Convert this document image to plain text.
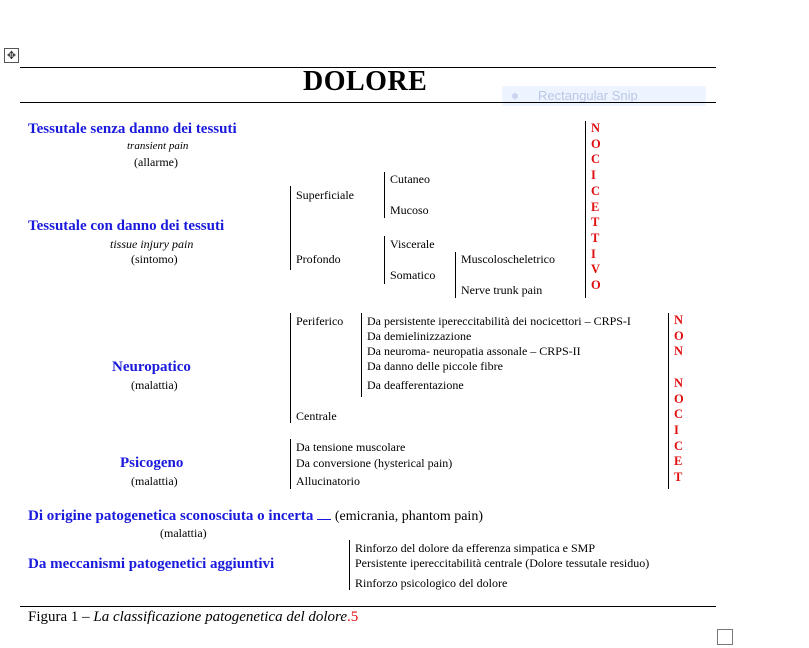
✥
Rectangular Snip
DOLORE
Tessutale senza danno dei tessuti
transient pain
(allarme)
Tessutale con danno dei tessuti
tissue injury pain
(sintomo)
Superficiale
Profondo
Cutaneo
Mucoso
Viscerale
Somatico
Muscoloscheletrico
Nerve trunk pain
N
O
C
I
C
E
T
T
I
V
O
Neuropatico
(malattia)
Periferico
Centrale
Da persistente ipereccitabilità dei nocicettori – CRPS-I
Da demielinizzazione
Da neuroma- neuropatia assonale – CRPS-II
Da danno delle piccole fibre
Da deafferentazione
Psicogeno
(malattia)
Da tensione muscolare
Da conversione (hysterical pain)
Allucinatorio
N
O
N

N
O
C
I
C
E
T
Di origine patogenetica sconosciuta o incerta (emicrania, phantom pain)
(malattia)
Da meccanismi patogenetici aggiuntivi
Rinforzo del dolore da efferenza simpatica e SMP
Persistente ipereccitabilità centrale (Dolore tessutale residuo)
Rinforzo psicologico del dolore
Figura 1 – La classificazione patogenetica del dolore.5
